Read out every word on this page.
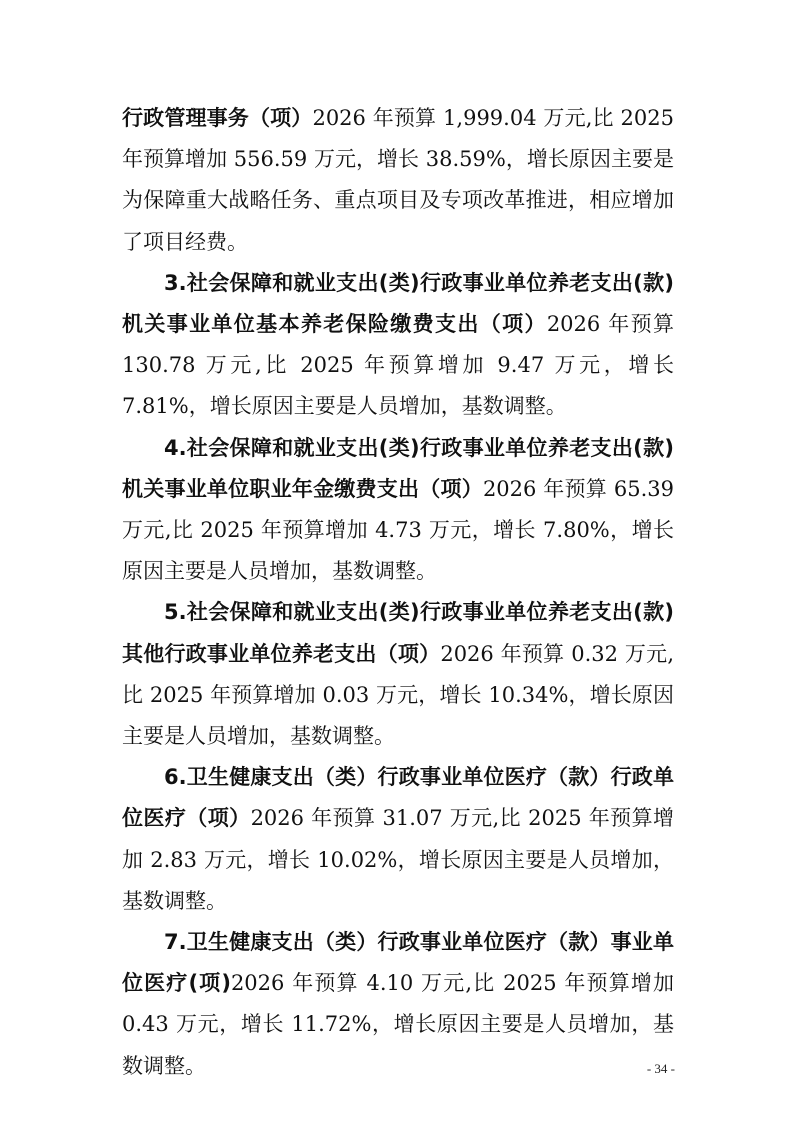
行政管理事务（项）2026 年预算 1,999.04 万元,比 2025 年预算增加 556.59 万元，增长 38.59%，增长原因主要是为保障重大战略任务、重点项目及专项改革推进，相应增加了项目经费。

3.社会保障和就业支出(类)行政事业单位养老支出(款)机关事业单位基本养老保险缴费支出（项）2026 年预算 130.78 万元,比 2025 年预算增加 9.47 万元，增长 7.81%，增长原因主要是人员增加，基数调整。

4.社会保障和就业支出(类)行政事业单位养老支出(款)机关事业单位职业年金缴费支出（项）2026 年预算 65.39 万元,比 2025 年预算增加 4.73 万元，增长 7.80%，增长原因主要是人员增加，基数调整。

5.社会保障和就业支出(类)行政事业单位养老支出(款)其他行政事业单位养老支出（项）2026 年预算 0.32 万元,比 2025 年预算增加 0.03 万元，增长 10.34%，增长原因主要是人员增加，基数调整。

6.卫生健康支出（类）行政事业单位医疗（款）行政单位医疗（项）2026 年预算 31.07 万元,比 2025 年预算增加 2.83 万元，增长 10.02%，增长原因主要是人员增加，基数调整。

7.卫生健康支出（类）行政事业单位医疗（款）事业单位医疗(项)2026 年预算 4.10 万元,比 2025 年预算增加 0.43 万元，增长 11.72%，增长原因主要是人员增加，基数调整。	- 34 -
